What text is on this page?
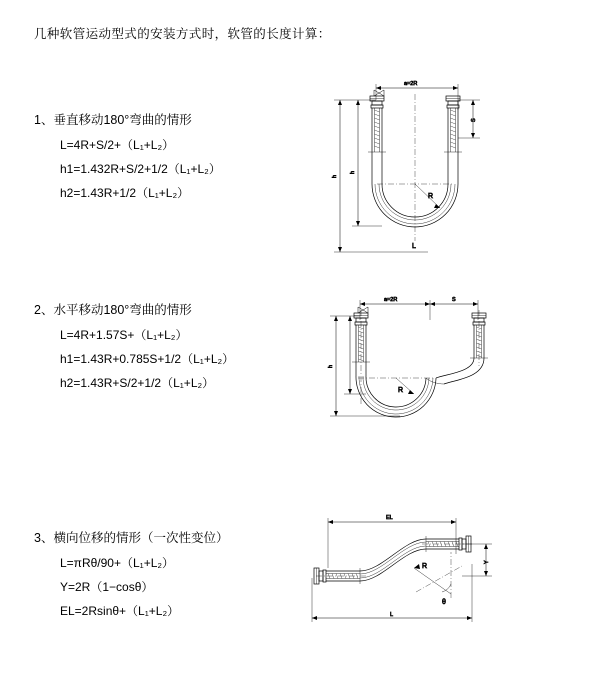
几种软管运动型式的安装方式时，软管的长度计算：
1、垂直移动180°弯曲的情形
L=4R+S/2+（L₁+L₂）
h1=1.432R+S/2+1/2（L₁+L₂）
h2=1.43R+1/2（L₁+L₂）
a=2R
S
h
R
L
h
2、水平移动180°弯曲的情形
L=4R+1.57S+（L₁+L₂）
h1=1.43R+0.785S+1/2（L₁+L₂）
h2=1.43R+S/2+1/2（L₁+L₂）
a=2R	S
h
R
3、横向位移的情形（一次性变位）
L=πRθ/90+（L₁+L₂）
Y=2R（1−cosθ）
EL=2Rsinθ+（L₁+L₂）
EL
L
Y
θ
R
